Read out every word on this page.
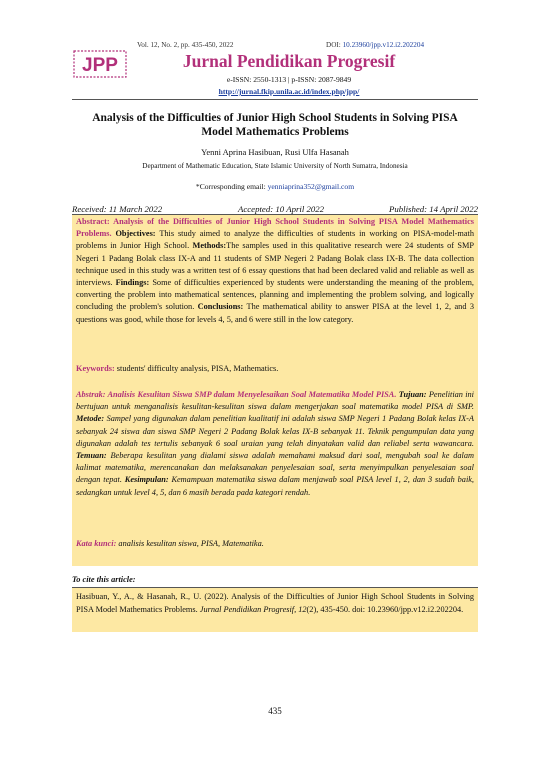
Vol. 12, No. 2, pp. 435-450, 2022	DOI: 10.23960/jpp.v12.i2.202204
JPP	Jurnal Pendidikan Progresif
e-ISSN: 2550-1313 | p-ISSN: 2087-9849
http://jurnal.fkip.unila.ac.id/index.php/jpp/
Analysis of the Difficulties of Junior High School Students in Solving PISA
Model Mathematics Problems
Yenni Aprina Hasibuan, Rusi Ulfa Hasanah
Department of Mathematic Education, State Islamic University of North Sumatra, Indonesia
*Corresponding email: yenniaprina352@gmail.com
Received: 11 March 2022	Accepted: 10 April 2022	Published: 14 April 2022
Abstract: Analysis of the Difficulties of Junior High School Students in Solving PISA Model Mathematics Problems. Objectives: This study aimed to analyze the difficulties of students in working on PISA-model-math problems in Junior High School. Methods:The samples used in this qualitative research were 24 students of SMP Negeri 1 Padang Bolak class IX-A and 11 students of SMP Negeri 2 Padang Bolak class IX-B. The data collection technique used in this study was a written test of 6 essay questions that had been declared valid and reliable as well as interviews. Findings: Some of difficulties experienced by students were understanding the meaning of the problem, converting the problem into mathematical sentences, planning and implementing the problem solving, and logically concluding the problem's solution. Conclusions: The mathematical ability to answer PISA at the level 1, 2, and 3 questions was good, while those for levels 4, 5, and 6 were still in the low category.
Keywords: students' difficulty analysis, PISA, Mathematics.
Abstrak: Analisis Kesulitan Siswa SMP dalam Menyelesaikan Soal Matematika Model PISA. Tujuan: Penelitian ini bertujuan untuk menganalisis kesulitan-kesulitan siswa dalam mengerjakan soal matematika model PISA di SMP. Metode: Sampel yang digunakan dalam penelitian kualitatif ini adalah siswa SMP Negeri 1 Padang Bolak kelas IX-A sebanyak 24 siswa dan siswa SMP Negeri 2 Padang Bolak kelas IX-B sebanyak 11. Teknik pengumpulan data yang digunakan adalah tes tertulis sebanyak 6 soal uraian yang telah dinyatakan valid dan reliabel serta wawancara. Temuan: Beberapa kesulitan yang dialami siswa adalah memahami maksud dari soal, mengubah soal ke dalam kalimat matematika, merencanakan dan melaksanakan penyelesaian soal, serta menyimpulkan penyelesaian soal dengan tepat. Kesimpulan: Kemampuan matematika siswa dalam menjawab soal PISA level 1, 2, dan 3 sudah baik, sedangkan untuk level 4, 5, dan 6 masih berada pada kategori rendah.
Kata kunci: analisis kesulitan siswa, PISA, Matematika.
To cite this article:
Hasibuan, Y., A., & Hasanah, R., U. (2022). Analysis of the Difficulties of Junior High School Students in Solving PISA Model Mathematics Problems. Jurnal Pendidikan Progresif, 12(2), 435-450. doi: 10.23960/jpp.v12.i2.202204.
435
